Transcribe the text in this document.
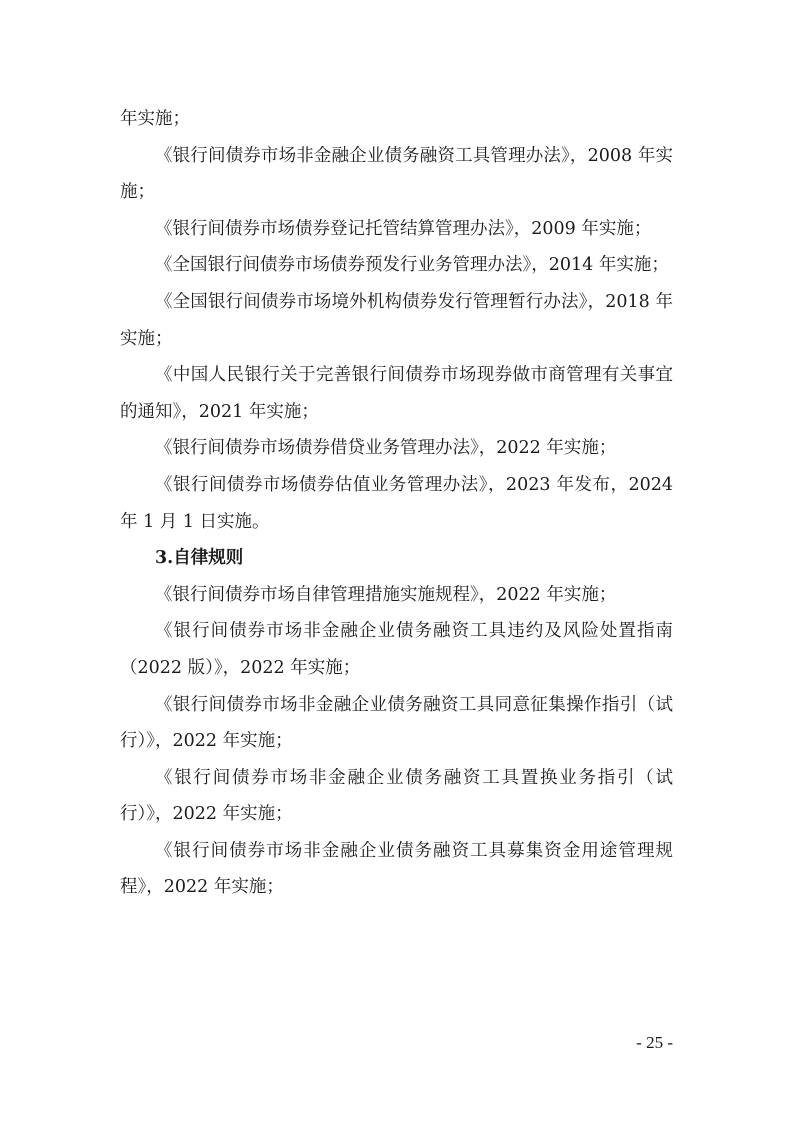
年实施；

《银行间债券市场非金融企业债务融资工具管理办法》，2008 年实施；

《银行间债券市场债券登记托管结算管理办法》，2009 年实施；

《全国银行间债券市场债券预发行业务管理办法》，2014 年实施；

《全国银行间债券市场境外机构债券发行管理暂行办法》，2018 年实施；

《中国人民银行关于完善银行间债券市场现券做市商管理有关事宜的通知》，2021 年实施；

《银行间债券市场债券借贷业务管理办法》，2022 年实施；

《银行间债券市场债券估值业务管理办法》，2023 年发布，2024 年 1 月 1 日实施。

3.自律规则

《银行间债券市场自律管理措施实施规程》，2022 年实施；

《银行间债券市场非金融企业债务融资工具违约及风险处置指南（2022 版）》，2022 年实施；

《银行间债券市场非金融企业债务融资工具同意征集操作指引（试行）》，2022 年实施；

《银行间债券市场非金融企业债务融资工具置换业务指引（试行）》，2022 年实施；

《银行间债券市场非金融企业债务融资工具募集资金用途管理规程》，2022 年实施；

- 25 -
